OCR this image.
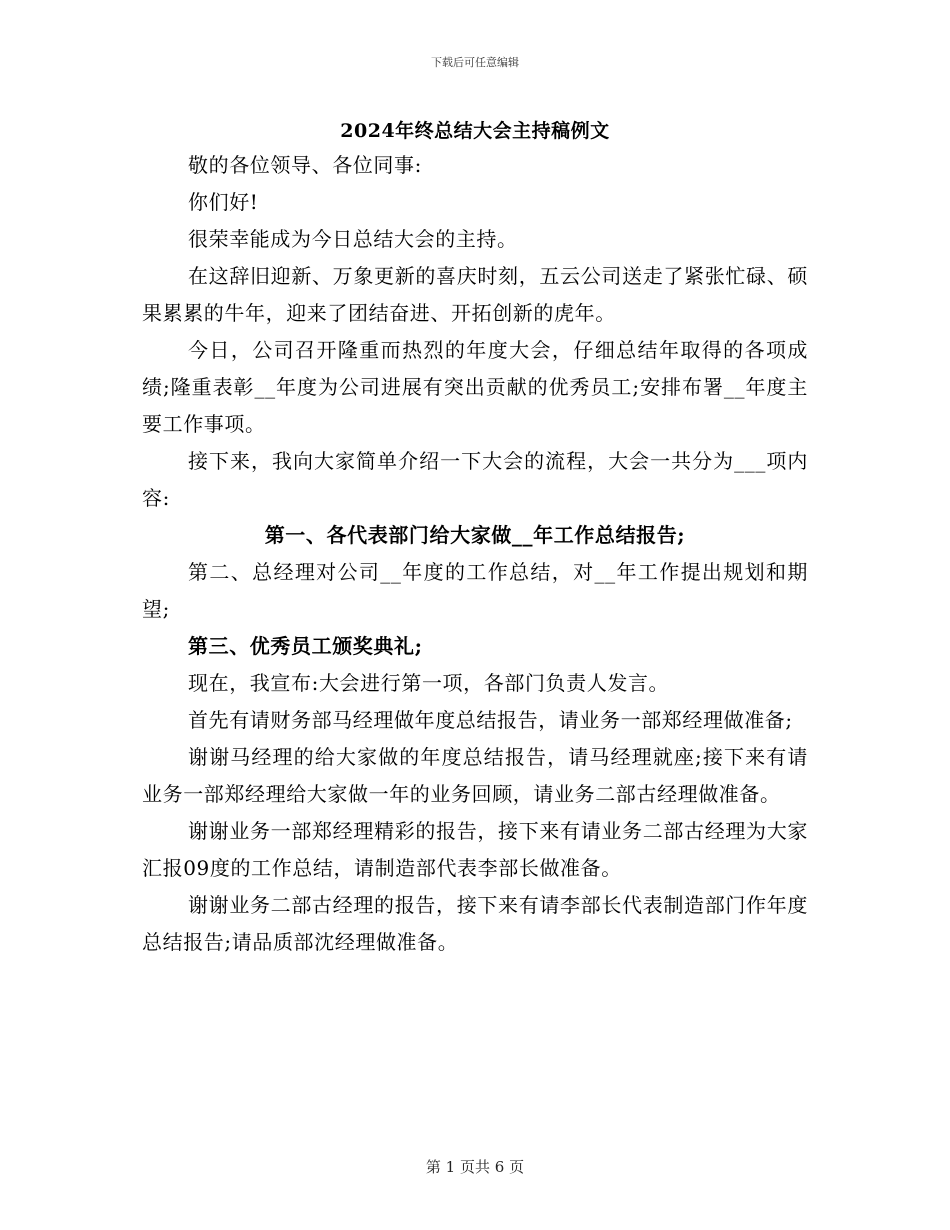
下载后可任意编辑
2024年终总结大会主持稿例文

敬的各位领导、各位同事:

你们好!

很荣幸能成为今日总结大会的主持。

在这辞旧迎新、万象更新的喜庆时刻，五云公司送走了紧张忙碌、硕果累累的牛年，迎来了团结奋进、开拓创新的虎年。

今日，公司召开隆重而热烈的年度大会，仔细总结年取得的各项成绩;隆重表彰__年度为公司进展有突出贡献的优秀员工;安排布署__年度主要工作事项。

接下来，我向大家简单介绍一下大会的流程，大会一共分为___项内容:

第一、各代表部门给大家做__年工作总结报告;

第二、总经理对公司__年度的工作总结，对__年工作提出规划和期望;

第三、优秀员工颁奖典礼;

现在，我宣布:大会进行第一项，各部门负责人发言。

首先有请财务部马经理做年度总结报告，请业务一部郑经理做准备;

谢谢马经理的给大家做的年度总结报告，请马经理就座;接下来有请业务一部郑经理给大家做一年的业务回顾，请业务二部古经理做准备。

谢谢业务一部郑经理精彩的报告，接下来有请业务二部古经理为大家汇报09度的工作总结，请制造部代表李部长做准备。

谢谢业务二部古经理的报告，接下来有请李部长代表制造部门作年度总结报告;请品质部沈经理做准备。

第 1 页共 6 页
